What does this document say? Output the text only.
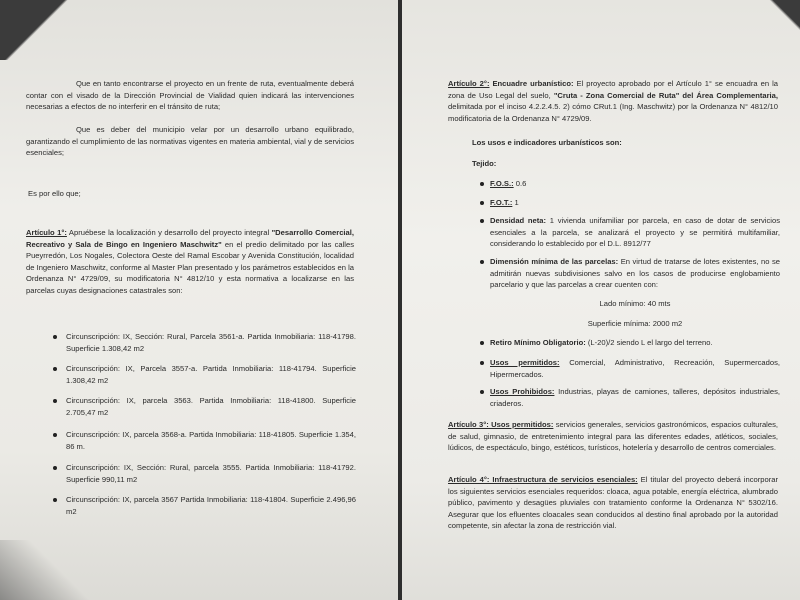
Que en tanto encontrarse el proyecto en un frente de ruta, eventualmente deberá contar con el visado de la Dirección Provincial de Vialidad quien indicará las intervenciones necesarias a efectos de no interferir en el tránsito de ruta;

Que es deber del municipio velar por un desarrollo urbano equilibrado, garantizando el cumplimiento de las normativas vigentes en materia ambiental, vial y de servicios esenciales;

Es por ello que;

Artículo 1°: Apruébese la localización y desarrollo del proyecto integral "Desarrollo Comercial, Recreativo y Sala de Bingo en Ingeniero Maschwitz" en el predio delimitado por las calles Pueyrredón, Los Nogales, Colectora Oeste del Ramal Escobar y Avenida Constitución, localidad de Ingeniero Maschwitz, conforme al Master Plan presentado y los parámetros establecidos en la Ordenanza N° 4729/09, su modificatoria N° 4812/10 y esta normativa a localizarse en las parcelas cuyas designaciones catastrales son:

Circunscripción: IX, Sección: Rural, Parcela 3561-a. Partida Inmobiliaria: 118-41798. Superficie 1.308,42 m2

Circunscripción: IX, Parcela 3557-a. Partida Inmobiliaria: 118-41794. Superficie 1.308,42 m2

Circunscripción: IX, parcela 3563. Partida Inmobiliaria: 118-41800. Superficie 2.705,47 m2

Circunscripción: IX, parcela 3568-a. Partida Inmobiliaria: 118-41805. Superficie 1.354, 86 m.

Circunscripción: IX, Sección: Rural, parcela 3555. Partida Inmobiliaria: 118-41792. Superficie 990,11 m2

Circunscripción: IX, parcela 3567 Partida Inmobiliaria: 118-41804. Superficie 2.496,96 m2

Artículo 2°: Encuadre urbanístico: El proyecto aprobado por el Artículo 1° se encuadra en la zona de Uso Legal del suelo, "Cruta - Zona Comercial de Ruta" del Área Complementaria, delimitada por el inciso 4.2.2.4.5. 2) cómo CRut.1 (Ing. Maschwitz) por la Ordenanza N° 4812/10 modificatoria de la Ordenanza N° 4729/09.

Los usos e indicadores urbanísticos son:

Tejido:

F.O.S.: 0.6

F.O.T.: 1

Densidad neta: 1 vivienda unifamiliar por parcela, en caso de dotar de servicios esenciales a la parcela, se analizará el proyecto y se permitirá multifamiliar, considerando lo establecido por el D.L. 8912/77

Dimensión mínima de las parcelas: En virtud de tratarse de lotes existentes, no se admitirán nuevas subdivisiones salvo en los casos de producirse englobamiento parcelario y que las parcelas a crear cuenten con:

Lado mínimo: 40 mts

Superficie mínima: 2000 m2

Retiro Mínimo Obligatorio: (L-20)/2 siendo L el largo del terreno.

Usos permitidos: Comercial, Administrativo, Recreación, Supermercados, Hipermercados.

Usos Prohibidos: Industrias, playas de camiones, talleres, depósitos industriales, criaderos.

Artículo 3°: Usos permitidos: servicios generales, servicios gastronómicos, espacios culturales, de salud, gimnasio, de entretenimiento integral para las diferentes edades, atléticos, sociales, lúdicos, de espectáculo, bingo, estéticos, turísticos, hotelería y desarrollo de centros comerciales.

Artículo 4°: Infraestructura de servicios esenciales: El titular del proyecto deberá incorporar los siguientes servicios esenciales requeridos: cloaca, agua potable, energía eléctrica, alumbrado público, pavimento y desagües pluviales con tratamiento conforme la Ordenanza N° 5302/16. Asegurar que los efluentes cloacales sean conducidos al destino final aprobado por la autoridad competente, sin afectar la zona de restricción vial.
